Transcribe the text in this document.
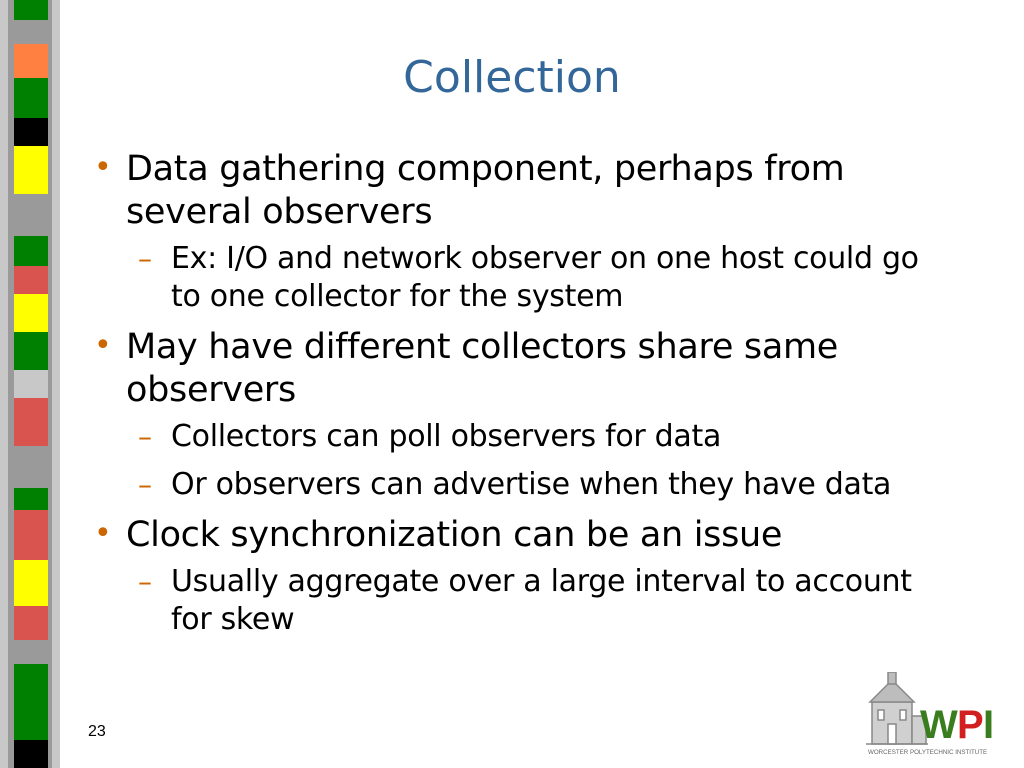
Collection

• Data gathering component, perhaps from several observers

– Ex: I/O and network observer on one host could go to one collector for the system

• May have different collectors share same observers

– Collectors can poll observers for data

– Or observers can advertise when they have data

• Clock synchronization can be an issue

– Usually aggregate over a large interval to account for skew

23	W P I
WORCESTER POLYTECHNIC INSTITUTE
